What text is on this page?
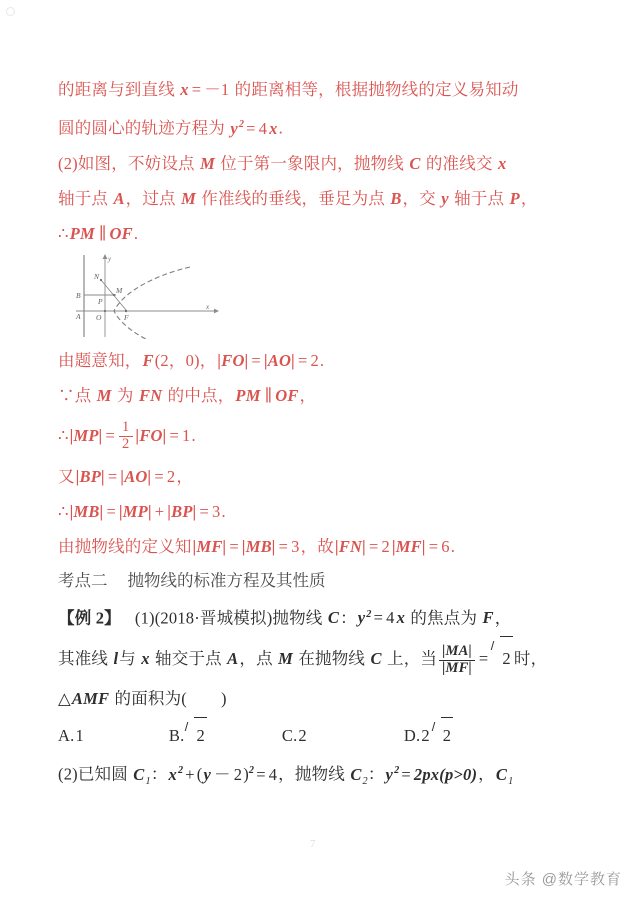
的距离与到直线 x = －1 的距离相等，根据抛物线的定义易知动
圆的圆心的轨迹方程为 $y^2 = 4$ x.
(2)如图，不妨设点 M 位于第一象限内，抛物线 C 的准线交 x
轴于点 A，过点 M 作准线的垂线，垂足为点 B，交 y 轴于点 P，
∴PM ∥ OF.
y
x
N
M
B
P
A O	F
由题意知，F(2，0)，|FO| = |AO| = 2.
∵点 M 为 FN 的中点，PM ∥ OF，
∴|MP| = $\frac{1}{2} |FO| = 1$.
又|BP| = |AO| = 2，
∴|MB| = |MP| + |BP| = 3.
由抛物线的定义知|MF| = |MB| = 3，故|FN| = 2 |MF| = 6.
考点二 抛物线的标准方程及其性质
【例 2】 (1)(2018·晋城模拟)抛物线 C：$y^2 = 4$ x 的焦点为 F，
其准线 l与 x 轴交于点 A，点 M 在抛物线 C 上，当 $\frac{|MA|}{|MF|} = 2$ 时，
△AMF 的面积为( )
A.1	B. 2	C.2	D.2 2
(2)已知圆 $C_1$：$x^2 + (y - 2)^2 = 4$，抛物线 $C_2$：$y^2 = 2px(p>0)$，$C_1$
7
头条 @数学教育
